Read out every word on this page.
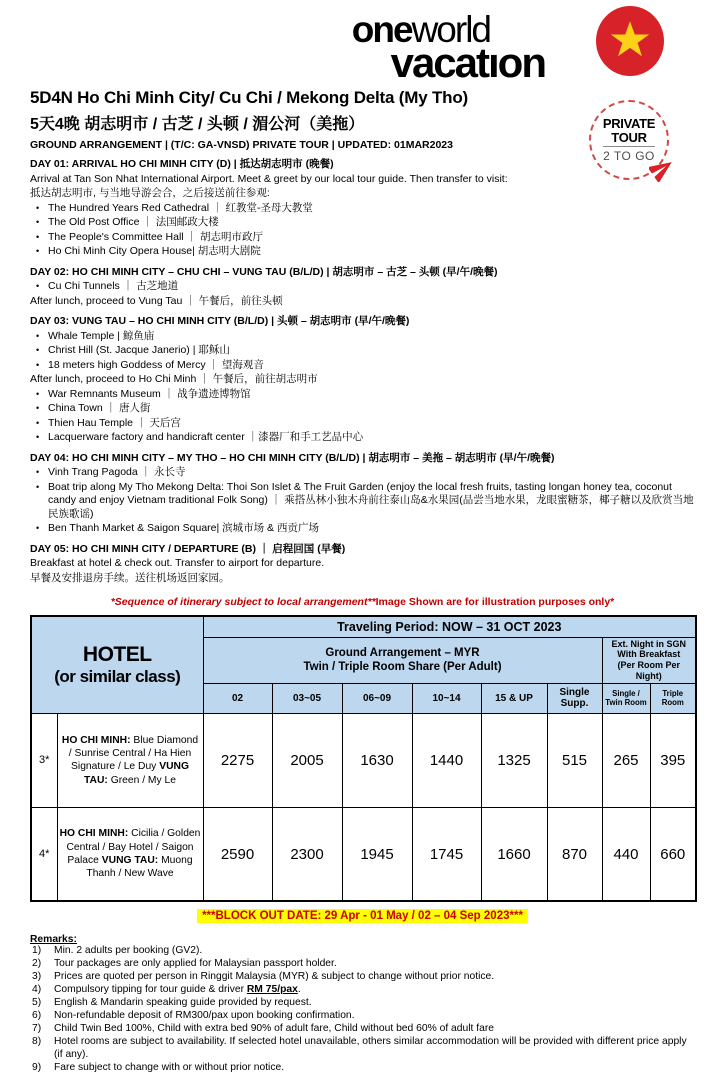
oneworld
vacatıon
PRIVATE
TOUR
2 TO GO
5D4N Ho Chi Minh City/ Cu Chi / Mekong Delta (My Tho)
5天4晚 胡志明市 / 古芝 / 头顿 / 湄公河（美拖）
GROUND ARRANGEMENT | (T/C: GA-VNSD) PRIVATE TOUR | UPDATED: 01MAR2023
DAY 01: ARRIVAL HO CHI MINH CITY (D) | 抵达胡志明市 (晚餐)
Arrival at Tan Son Nhat International Airport. Meet & greet by our local tour guide. Then transfer to visit:
抵达胡志明市, 与当地导游会合，之后接送前往参观:
• The Hundred Years Red Cathedral ｜ 红教堂-圣母大教堂
• The Old Post Office ｜ 法国邮政大楼
• The People's Committee Hall ｜ 胡志明市政厅
• Ho Chi Minh City Opera House| 胡志明大剧院
DAY 02: HO CHI MINH CITY – CHU CHI – VUNG TAU (B/L/D) | 胡志明市 – 古芝 – 头顿 (早/午/晚餐)
• Cu Chi Tunnels ｜ 古芝地道
After lunch, proceed to Vung Tau ｜ 午餐后，前往头顿
DAY 03: VUNG TAU – HO CHI MINH CITY (B/L/D) | 头顿 – 胡志明市 (早/午/晚餐)
• Whale Temple | 鲸鱼庙
• Christ Hill (St. Jacque Janerio) | 耶稣山
• 18 meters high Goddess of Mercy ｜ 望海观音
After lunch, proceed to Ho Chi Minh ｜ 午餐后，前往胡志明市
• War Remnants Museum ｜ 战争遗迹博物馆
• China Town ｜ 唐人街
• Thien Hau Temple ｜ 天后宫
• Lacquerware factory and handicraft center ｜漆器厂和手工艺品中心
DAY 04: HO CHI MINH CITY – MY THO – HO CHI MINH CITY (B/L/D) | 胡志明市 – 美拖 – 胡志明市 (早/午/晚餐)
• Vinh Trang Pagoda ｜ 永长寺
• Boat trip along My Tho Mekong Delta: Thoi Son Islet & The Fruit Garden (enjoy the local fresh fruits, tasting longan honey tea, coconut candy and enjoy Vietnam traditional Folk Song) ｜ 乘搭丛林小独木舟前往泰山岛&水果园(品尝当地水果，龙眼蜜糖茶，椰子糖以及欣赏当地民族歌谣)
• Ben Thanh Market & Saigon Square| 滨城市场 & 西贡广场
DAY 05: HO CHI MINH CITY / DEPARTURE (B) ｜ 启程回国 (早餐)
Breakfast at hotel & check out. Transfer to airport for departure.
早餐及安排退房手续。送往机场返回家园。
*Sequence of itinerary subject to local arrangement**Image Shown are for illustration purposes only*
HOTEL
(or similar class)		Traveling Period: NOW – 31 OCT 2023							

Ground Arrangement – MYR
Twin / Triple Room Share (Per Adult)

Ext. Night in SGN
With Breakfast
(Per Room Per Night)

		02	03~05	06~09	10~14	15 & UP	Single Supp.	Single / Twin Room	Triple Room
3*	HO CHI MINH: Blue Diamond / Sunrise Central / Ha Hien Signature / Le Duy VUNG TAU: Green / My Le	2275	2005	1630	1440	1325	515	265	395
4*	HO CHI MINH: Cicilia / Golden Central / Bay Hotel / Saigon Palace VUNG TAU: Muong Thanh / New Wave	2590	2300	1945	1745	1660	870	440	660
***BLOCK OUT DATE: 29 Apr - 01 May / 02 – 04 Sep 2023***
Remarks:
1)	Min. 2 adults per booking (GV2).
2)	Tour packages are only applied for Malaysian passport holder.
3)	Prices are quoted per person in Ringgit Malaysia (MYR) & subject to change without prior notice.
4)	Compulsory tipping for tour guide & driver RM 75/pax.
5)	English & Mandarin speaking guide provided by request.
6)	Non-refundable deposit of RM300/pax upon booking confirmation.
7)	Child Twin Bed 100%, Child with extra bed 90% of adult fare, Child without bed 60% of adult fare
8)	Hotel rooms are subject to availability. If selected hotel unavailable, others similar accommodation will be provided with different price apply (if any).
9)	Fare subject to change with or without prior notice.
